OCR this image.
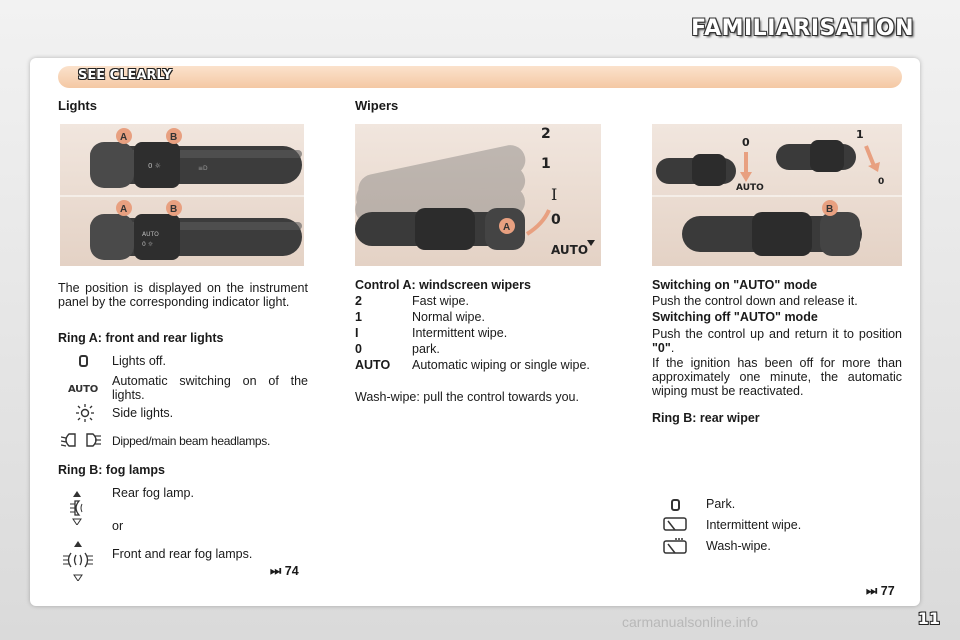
FAMILIARISATION
SEE CLEARLY
Lights
0 ☼	≡D
A	B
AUTO
0 ☼
A	B
The position is displayed on the instrument panel by the corresponding indicator light.
Ring A: front and rear lights
Lights off.
AUTO
Automatic switching on of the lights.
Side lights.
Dipped/main beam headlamps.
Ring B: fog lamps
Rear fog lamp.
or
Front and rear fog lamps.
⏭ 74
Wipers
A
2
1
I
0
AUTO
Control A: windscreen wipers
2	Fast wipe.
1	Normal wipe.
I	Intermittent wipe.
0	park.
AUTO Automatic wiping or single wipe.
Wash-wipe: pull the control towards you.
0
AUTO
1
0
B
Switching on "AUTO" mode
Push the control down and release it.
Switching off "AUTO" mode
Push the control up and return it to position "0".
If the ignition has been off for more than approximately one minute, the automatic wiping must be reactivated.
Ring B: rear wiper
Park.
Intermittent wipe.
Wash-wipe.
⏭ 77
11
carmanualsonline.info
